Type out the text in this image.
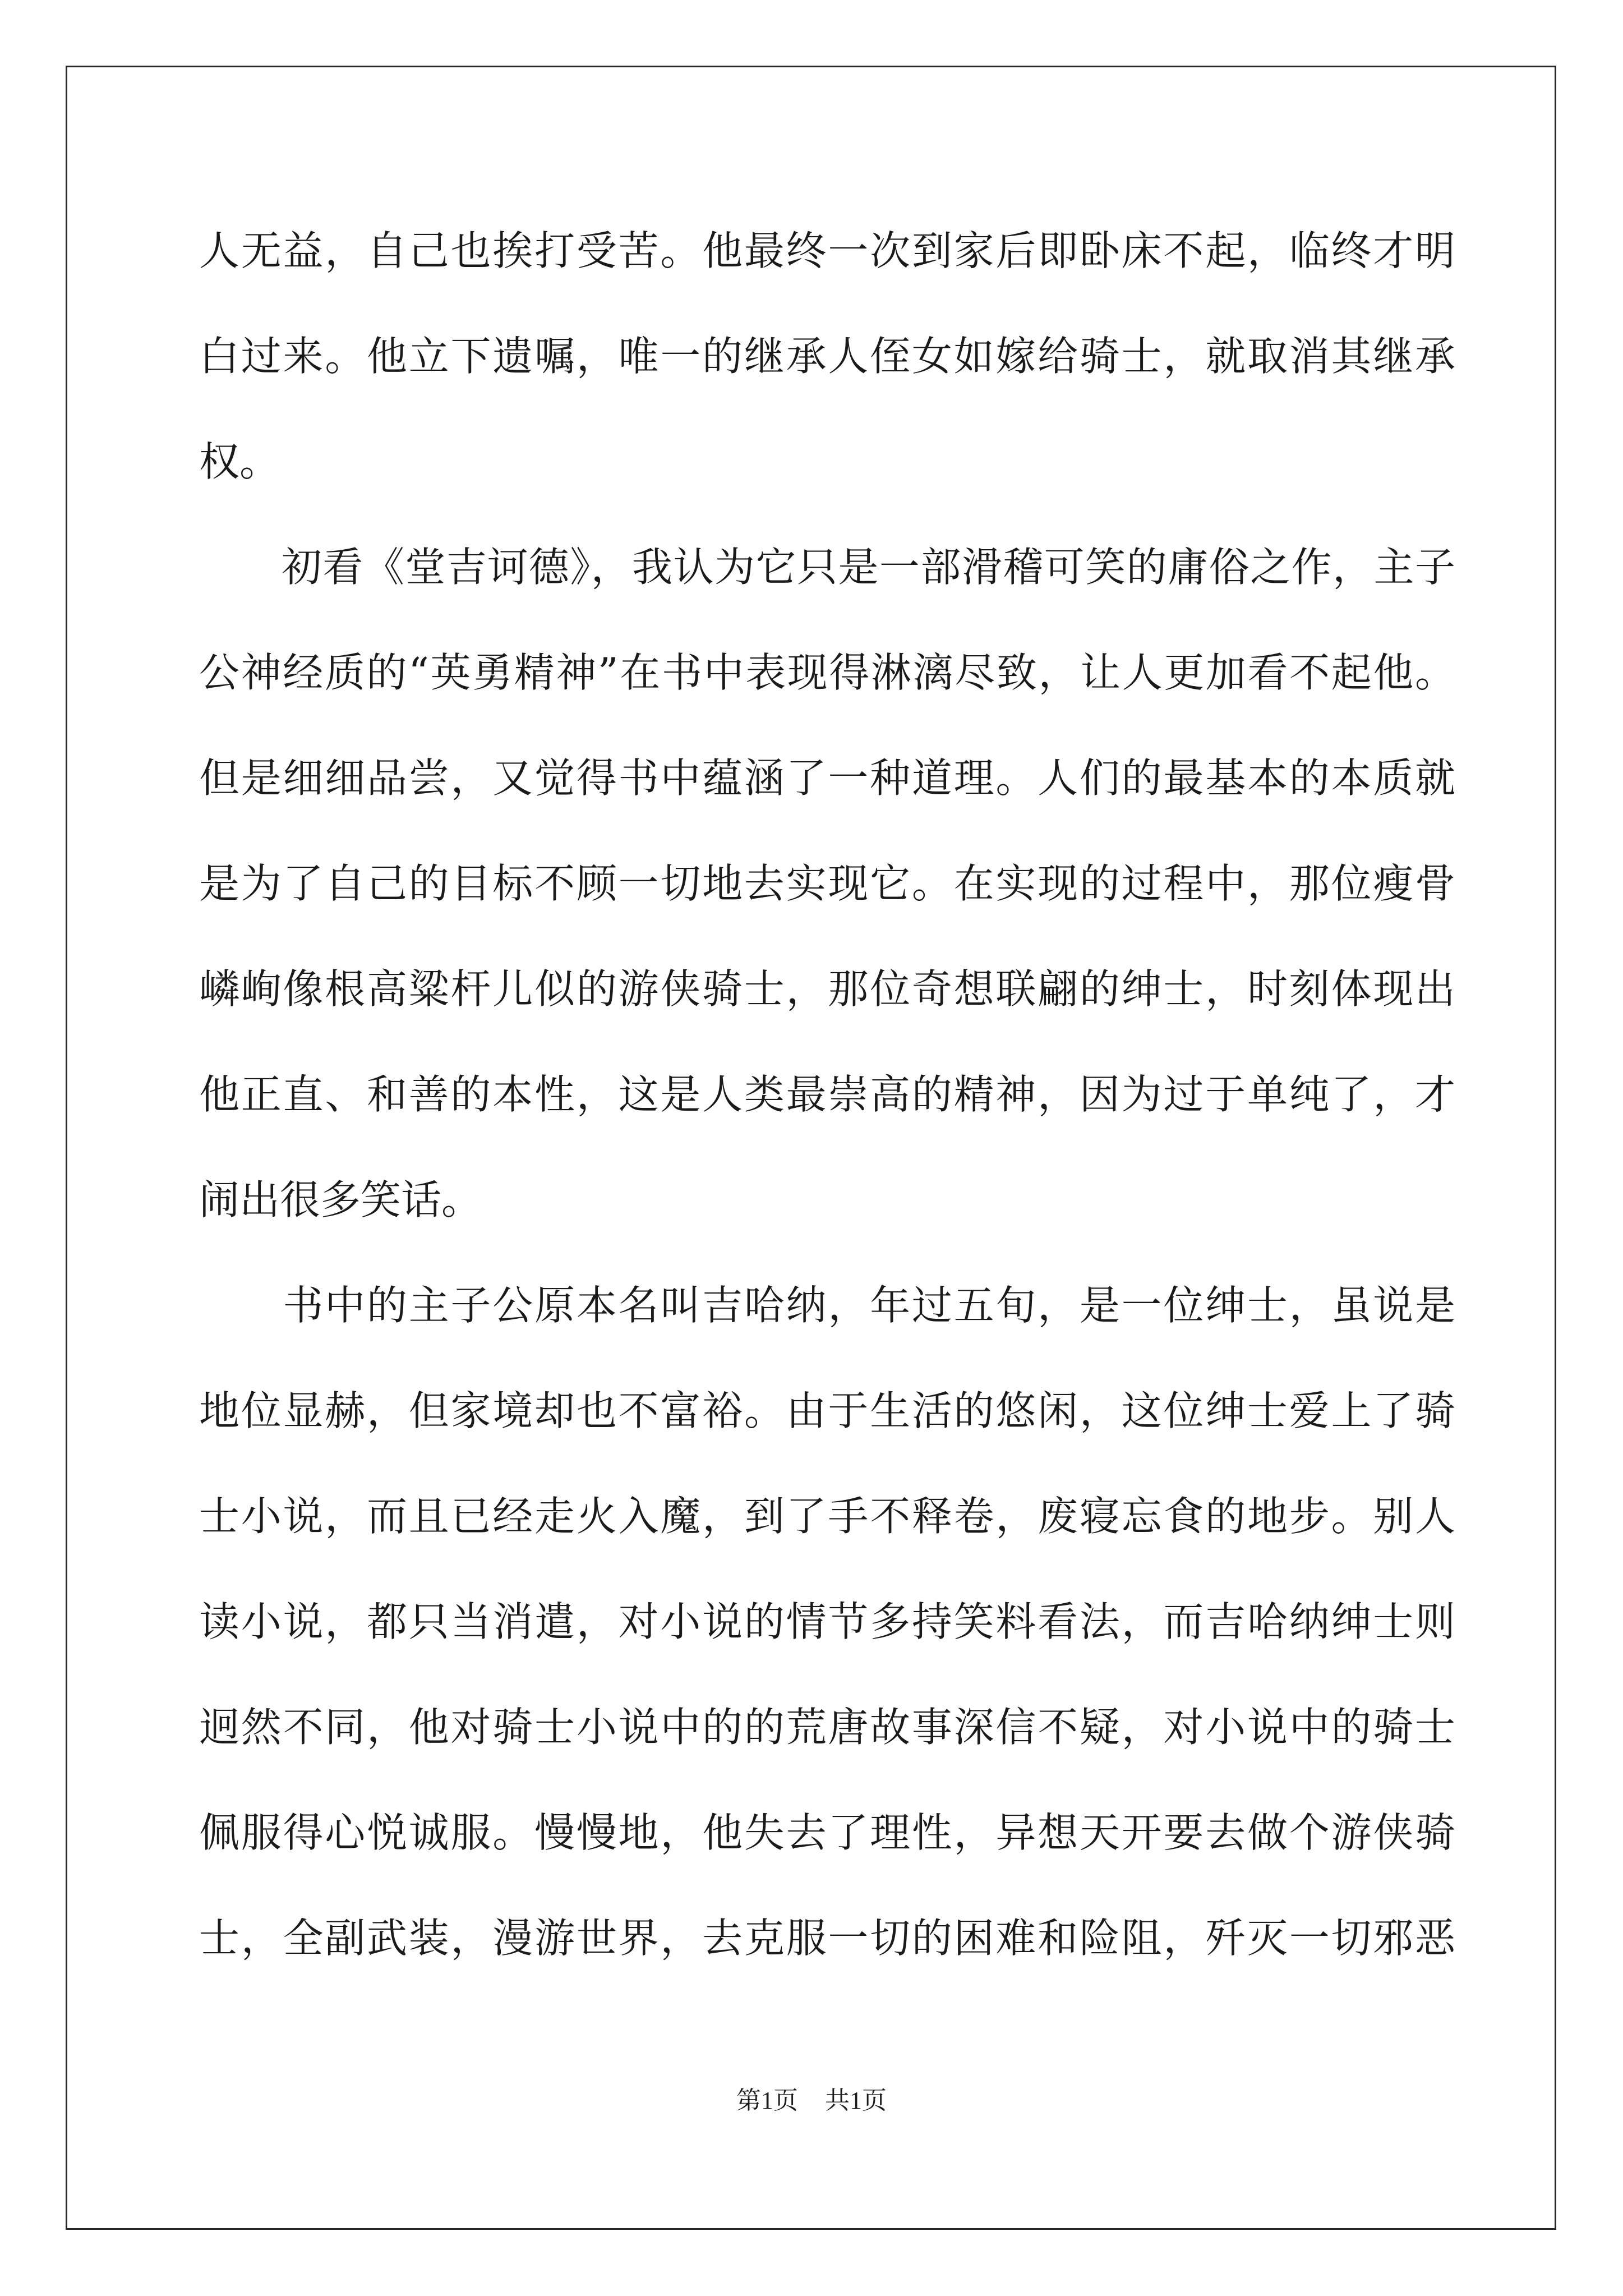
人无益，自己也挨打受苦。他最终一次到家后即卧床不起，临终才明
白过来。他立下遗嘱，唯一的继承人侄女如嫁给骑士，就取消其继承
权。
　　初看《堂吉诃德》，我认为它只是一部滑稽可笑的庸俗之作，主子
公神经质的“英勇精神”在书中表现得淋漓尽致，让人更加看不起他。
但是细细品尝，又觉得书中蕴涵了一种道理。人们的最基本的本质就
是为了自己的目标不顾一切地去实现它。在实现的过程中，那位瘦骨
嶙峋像根高粱杆儿似的游侠骑士，那位奇想联翩的绅士，时刻体现出
他正直、和善的本性，这是人类最崇高的精神，因为过于单纯了，才
闹出很多笑话。
　　书中的主子公原本名叫吉哈纳，年过五旬，是一位绅士，虽说是
地位显赫，但家境却也不富裕。由于生活的悠闲，这位绅士爱上了骑
士小说，而且已经走火入魔，到了手不释卷，废寝忘食的地步。别人
读小说，都只当消遣，对小说的情节多持笑料看法，而吉哈纳绅士则
迥然不同，他对骑士小说中的的荒唐故事深信不疑，对小说中的骑士
佩服得心悦诚服。慢慢地，他失去了理性，异想天开要去做个游侠骑
士，全副武装，漫游世界，去克服一切的困难和险阻，歼灭一切邪恶
第1页 共1页
